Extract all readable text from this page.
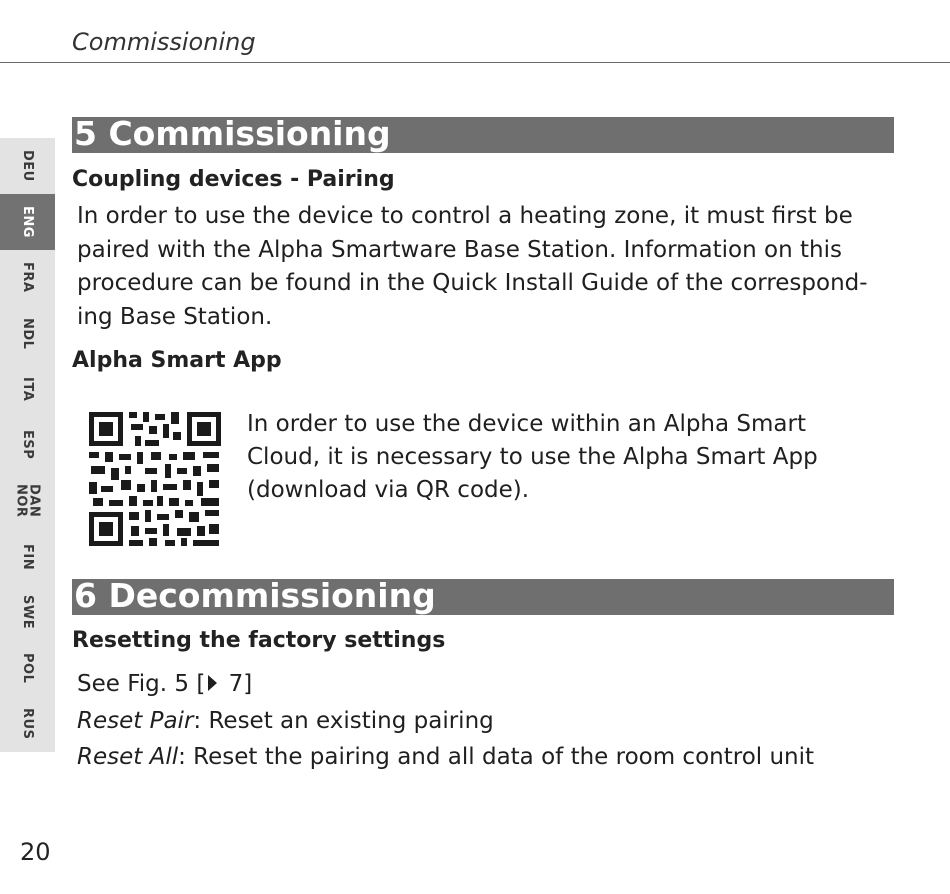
Commissioning
DEU
ENG
FRA
NDL
ITA
ESP
DAN
NOR
FIN
SWE
POL
RUS
5 Commissioning
Coupling devices - Pairing
In order to use the device to control a heating zone, it must first be paired with the Alpha Smartware Base Station. Information on this procedure can be found in the Quick Install Guide of the correspond-ing Base Station.
Alpha Smart App
In order to use the device within an Alpha Smart Cloud, it is necessary to use the Alpha Smart App (download via QR code).
6 Decommissioning
Resetting the factory settings
See Fig. 5 [ 7]
Reset Pair: Reset an existing pairing
Reset All: Reset the pairing and all data of the room control unit
20
